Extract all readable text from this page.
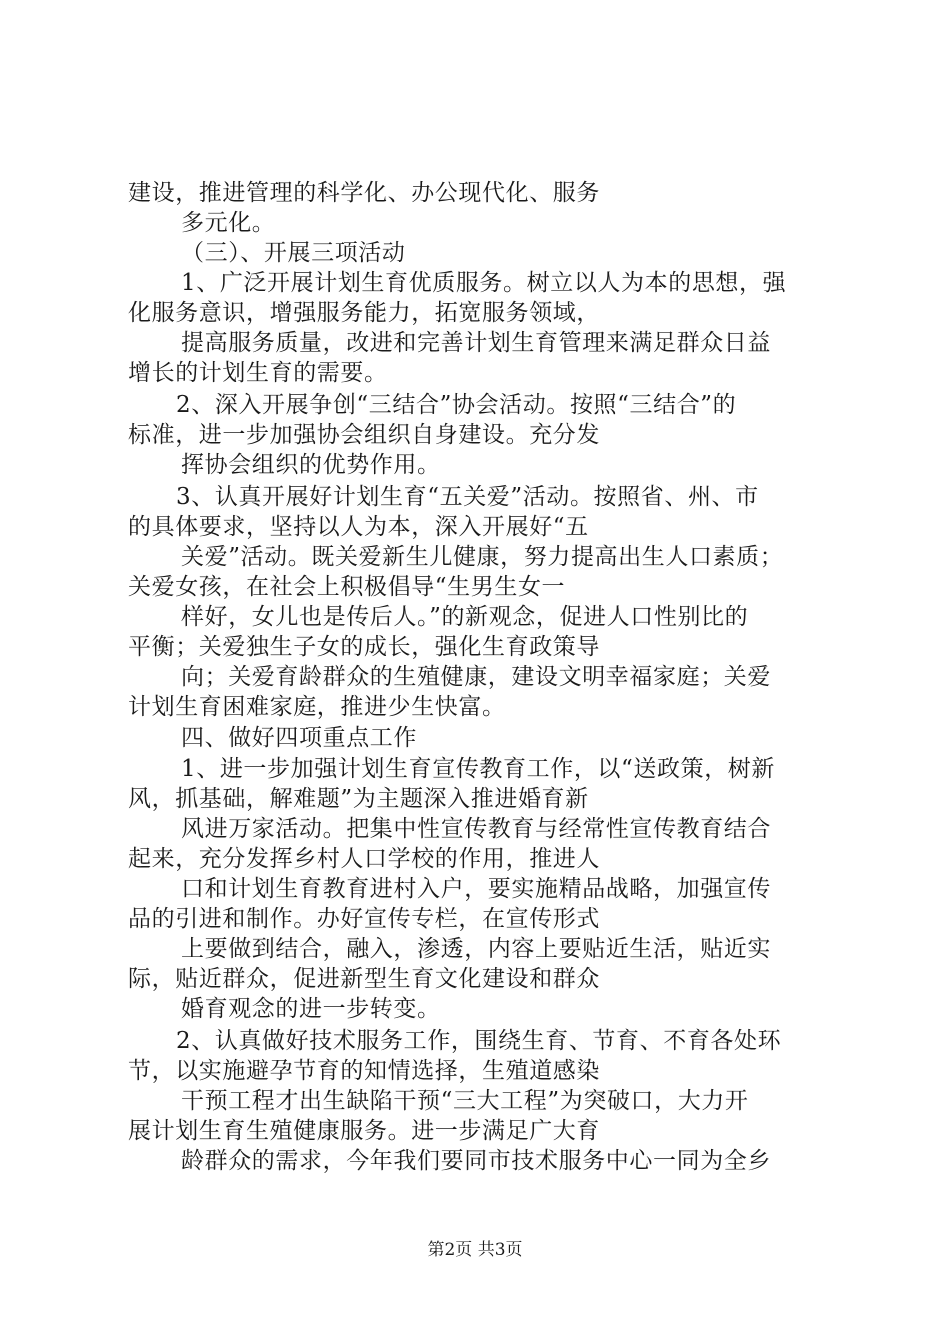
建设，推进管理的科学化、办公现代化、服务
多元化。
（三）、开展三项活动
1、广泛开展计划生育优质服务。树立以人为本的思想，强
化服务意识，增强服务能力，拓宽服务领域，
提高服务质量，改进和完善计划生育管理来满足群众日益
增长的计划生育的需要。
2、深入开展争创“三结合”协会活动。按照“三结合”的
标准，进一步加强协会组织自身建设。充分发
挥协会组织的优势作用。
3、认真开展好计划生育“五关爱”活动。按照省、州、市
的具体要求，坚持以人为本，深入开展好“五
关爱”活动。既关爱新生儿健康，努力提高出生人口素质；
关爱女孩，在社会上积极倡导“生男生女一
样好，女儿也是传后人。”的新观念，促进人口性别比的
平衡；关爱独生子女的成长，强化生育政策导
向；关爱育龄群众的生殖健康，建设文明幸福家庭；关爱
计划生育困难家庭，推进少生快富。
四、做好四项重点工作
1、进一步加强计划生育宣传教育工作，以“送政策，树新
风，抓基础，解难题”为主题深入推进婚育新
风进万家活动。把集中性宣传教育与经常性宣传教育结合
起来，充分发挥乡村人口学校的作用，推进人
口和计划生育教育进村入户，要实施精品战略，加强宣传
品的引进和制作。办好宣传专栏，在宣传形式
上要做到结合，融入，渗透，内容上要贴近生活，贴近实
际，贴近群众，促进新型生育文化建设和群众
婚育观念的进一步转变。
2、认真做好技术服务工作，围绕生育、节育、不育各处环
节，以实施避孕节育的知情选择，生殖道感染
干预工程才出生缺陷干预“三大工程”为突破口，大力开
展计划生育生殖健康服务。进一步满足广大育
龄群众的需求，今年我们要同市技术服务中心一同为全乡
第2页 共3页
